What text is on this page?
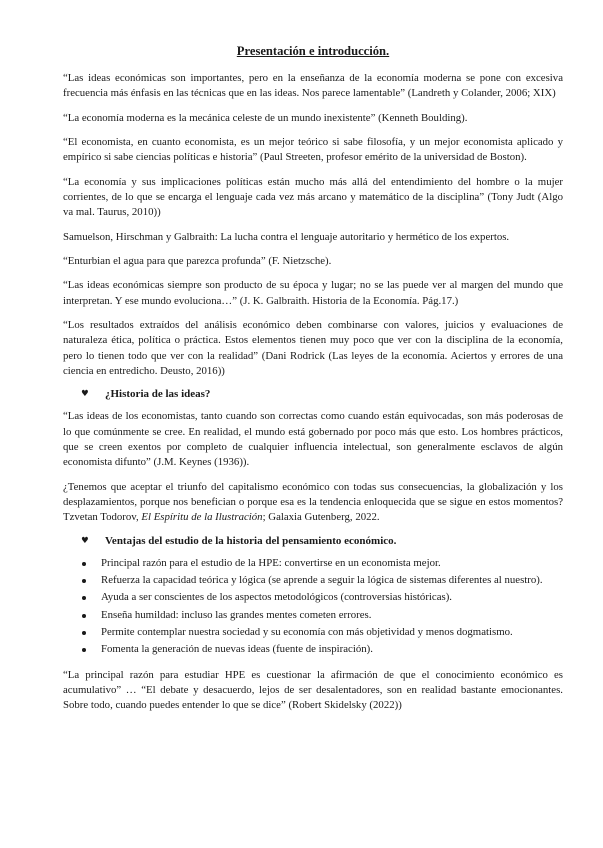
Presentación e introducción.

“Las ideas económicas son importantes, pero en la enseñanza de la economía moderna se pone con excesiva frecuencia más énfasis en las técnicas que en las ideas. Nos parece lamentable” (Landreth y Colander, 2006; XIX)

“La economía moderna es la mecánica celeste de un mundo inexistente” (Kenneth Boulding).

“El economista, en cuanto economista, es un mejor teórico si sabe filosofía, y un mejor economista aplicado y empírico si sabe ciencias políticas e historia” (Paul Streeten, profesor emérito de la universidad de Boston).

“La economía y sus implicaciones políticas están mucho más allá del entendimiento del hombre o la mujer corrientes, de lo que se encarga el lenguaje cada vez más arcano y matemático de la disciplina” (Tony Judt (Algo va mal. Taurus, 2010))

Samuelson, Hirschman y Galbraith: La lucha contra el lenguaje autoritario y hermético de los expertos.

“Enturbian el agua para que parezca profunda” (F. Nietzsche).

“Las ideas económicas siempre son producto de su época y lugar; no se las puede ver al margen del mundo que interpretan. Y ese mundo evoluciona…” (J. K. Galbraith. Historia de la Economía. Pág.17.)

“Los resultados extraídos del análisis económico deben combinarse con valores, juicios y evaluaciones de naturaleza ética, política o práctica. Estos elementos tienen muy poco que ver con la disciplina de la economía, pero lo tienen todo que ver con la realidad” (Dani Rodrick (Las leyes de la economía. Aciertos y errores de una ciencia en entredicho. Deusto, 2016))

♥ ¿Historia de las ideas?

“Las ideas de los economistas, tanto cuando son correctas como cuando están equivocadas, son más poderosas de lo que comúnmente se cree. En realidad, el mundo está gobernado por poco más que esto. Los hombres prácticos, que se creen exentos por completo de cualquier influencia intelectual, son generalmente esclavos de algún economista difunto” (J.M. Keynes (1936)).

¿Tenemos que aceptar el triunfo del capitalismo económico con todas sus consecuencias, la globalización y los desplazamientos, porque nos benefician o porque esa es la tendencia enloquecida que se sigue en estos momentos? Tzvetan Todorov, El Espíritu de la Ilustración; Galaxia Gutenberg, 2022.

♥ Ventajas del estudio de la historia del pensamiento económico.
Principal razón para el estudio de la HPE: convertirse en un economista mejor.
Refuerza la capacidad teórica y lógica (se aprende a seguir la lógica de sistemas diferentes al nuestro).
Ayuda a ser conscientes de los aspectos metodológicos (controversias históricas).
Enseña humildad: incluso las grandes mentes cometen errores.
Permite contemplar nuestra sociedad y su economía con más objetividad y menos dogmatismo.
Fomenta la generación de nuevas ideas (fuente de inspiración).

“La principal razón para estudiar HPE es cuestionar la afirmación de que el conocimiento económico es acumulativo” … “El debate y desacuerdo, lejos de ser desalentadores, son en realidad bastante emocionantes. Sobre todo, cuando puedes entender lo que se dice” (Robert Skidelsky (2022))
